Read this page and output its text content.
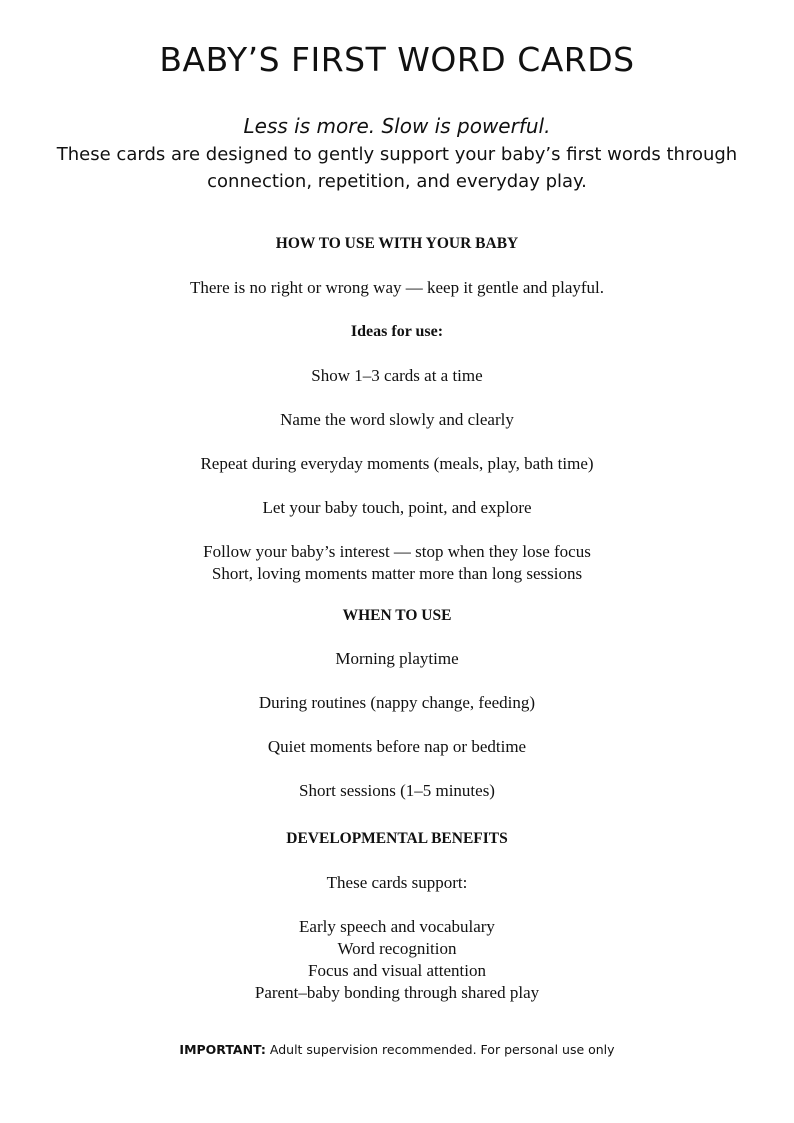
BABY’S FIRST WORD CARDS
Less is more. Slow is powerful.
These cards are designed to gently support your baby’s first words through connection, repetition, and everyday play.
HOW TO USE WITH YOUR BABY
There is no right or wrong way — keep it gentle and playful.
Ideas for use:
Show 1–3 cards at a time
Name the word slowly and clearly
Repeat during everyday moments (meals, play, bath time)
Let your baby touch, point, and explore
Follow your baby’s interest — stop when they lose focus
Short, loving moments matter more than long sessions
WHEN TO USE
Morning playtime
During routines (nappy change, feeding)
Quiet moments before nap or bedtime
Short sessions (1–5 minutes)
DEVELOPMENTAL BENEFITS
These cards support:
Early speech and vocabulary
Word recognition
Focus and visual attention
Parent–baby bonding through shared play
IMPORTANT: Adult supervision recommended. For personal use only
